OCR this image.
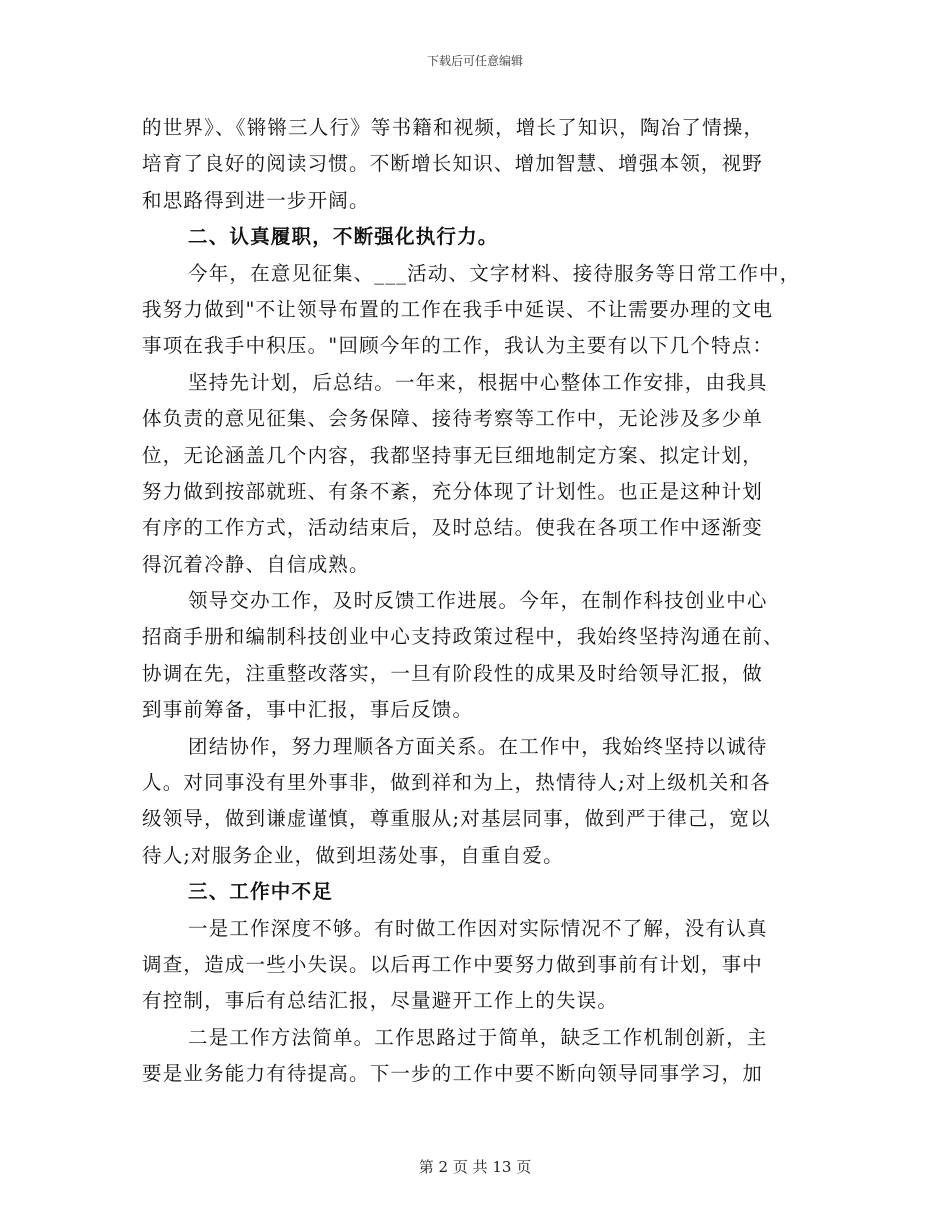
下载后可任意编辑
的世界》、《锵锵三人行》等书籍和视频，增长了知识，陶冶了情操，
培育了良好的阅读习惯。不断增长知识、增加智慧、增强本领，视野
和思路得到进一步开阔。
二、认真履职，不断强化执行力。
今年，在意见征集、___活动、文字材料、接待服务等日常工作中，
我努力做到"不让领导布置的工作在我手中延误、不让需要办理的文电
事项在我手中积压。"回顾今年的工作，我认为主要有以下几个特点：
坚持先计划，后总结。一年来，根据中心整体工作安排，由我具
体负责的意见征集、会务保障、接待考察等工作中，无论涉及多少单
位，无论涵盖几个内容，我都坚持事无巨细地制定方案、拟定计划，
努力做到按部就班、有条不紊，充分体现了计划性。也正是这种计划
有序的工作方式，活动结束后，及时总结。使我在各项工作中逐渐变
得沉着冷静、自信成熟。
领导交办工作，及时反馈工作进展。今年，在制作科技创业中心
招商手册和编制科技创业中心支持政策过程中，我始终坚持沟通在前、
协调在先，注重整改落实，一旦有阶段性的成果及时给领导汇报，做
到事前筹备，事中汇报，事后反馈。
团结协作，努力理顺各方面关系。在工作中，我始终坚持以诚待
人。对同事没有里外事非，做到祥和为上，热情待人;对上级机关和各
级领导，做到谦虚谨慎，尊重服从;对基层同事，做到严于律己，宽以
待人;对服务企业，做到坦荡处事，自重自爱。
三、工作中不足
一是工作深度不够。有时做工作因对实际情况不了解，没有认真
调查，造成一些小失误。以后再工作中要努力做到事前有计划，事中
有控制，事后有总结汇报，尽量避开工作上的失误。
二是工作方法简单。工作思路过于简单，缺乏工作机制创新，主
要是业务能力有待提高。下一步的工作中要不断向领导同事学习，加
第 2 页 共 13 页
